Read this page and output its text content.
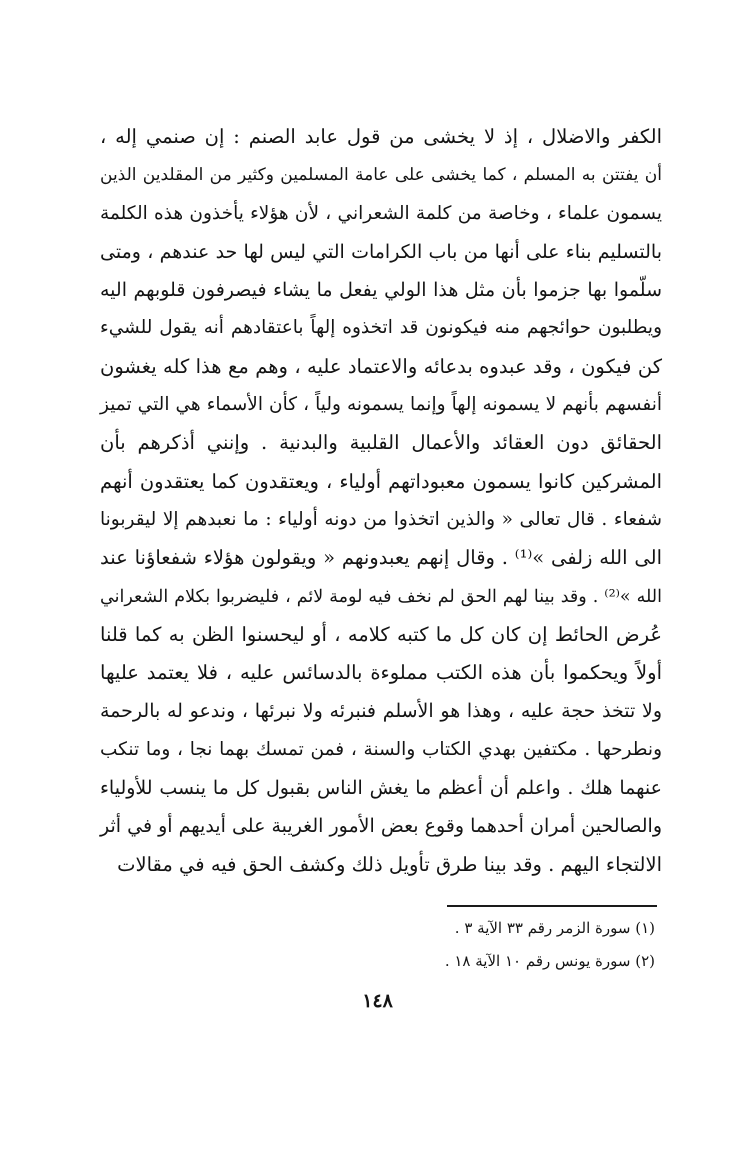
الكفر والاضلال ، إذ لا يخشى من قول عابد الصنم : إن صنمي إله ،
أن يفتتن به المسلم ، كما يخشى على عامة المسلمين وكثير من المقلدين الذين
يسمون علماء ، وخاصة من كلمة الشعراني ، لأن هؤلاء يأخذون هذه الكلمة
بالتسليم بناء على أنها من باب الكرامات التي ليس لها حد عندهم ، ومتى
سلّموا بها جزموا بأن مثل هذا الولي يفعل ما يشاء فيصرفون قلوبهم اليه
ويطلبون حوائجهم منه فيكونون قد اتخذوه إلهاً باعتقادهم أنه يقول للشيء
كن فيكون ، وقد عبدوه بدعائه والاعتماد عليه ، وهم مع هذا كله يغشون
أنفسهم بأنهم لا يسمونه إلهاً وإنما يسمونه ولياً ، كأن الأسماء هي التي تميز
الحقائق دون العقائد والأعمال القلبية والبدنية . وإنني أذكرهم بأن
المشركين كانوا يسمون معبوداتهم أولياء ، ويعتقدون كما يعتقدون أنهم
شفعاء . قال تعالى « والذين اتخذوا من دونه أولياء : ما نعبدهم إلا ليقربونا
الى الله زلفى »⁽¹⁾ . وقال إنهم يعبدونهم « ويقولون هؤلاء شفعاؤنا عند
الله »⁽²⁾ . وقد بينا لهم الحق لم نخف فيه لومة لائم ، فليضربوا بكلام الشعراني
عُرض الحائط إن كان كل ما كتبه كلامه ، أو ليحسنوا الظن به كما قلنا
أولاً ويحكموا بأن هذه الكتب مملوءة بالدسائس عليه ، فلا يعتمد عليها
ولا تتخذ حجة عليه ، وهذا هو الأسلم فنبرئه ولا نبرئها ، وندعو له بالرحمة
ونطرحها . مكتفين بهدي الكتاب والسنة ، فمن تمسك بهما نجا ، وما تنكب
عنهما هلك . واعلم أن أعظم ما يغش الناس بقبول كل ما ينسب للأولياء
والصالحين أمران أحدهما وقوع بعض الأمور الغريبة على أيديهم أو في أثر
الالتجاء اليهم . وقد بينا طرق تأويل ذلك وكشف الحق فيه في مقالات
(١) سورة الزمر رقم ٣٣ الآية ٣ .
(٢) سورة يونس رقم ١٠ الآية ١٨ .
١٤٨
